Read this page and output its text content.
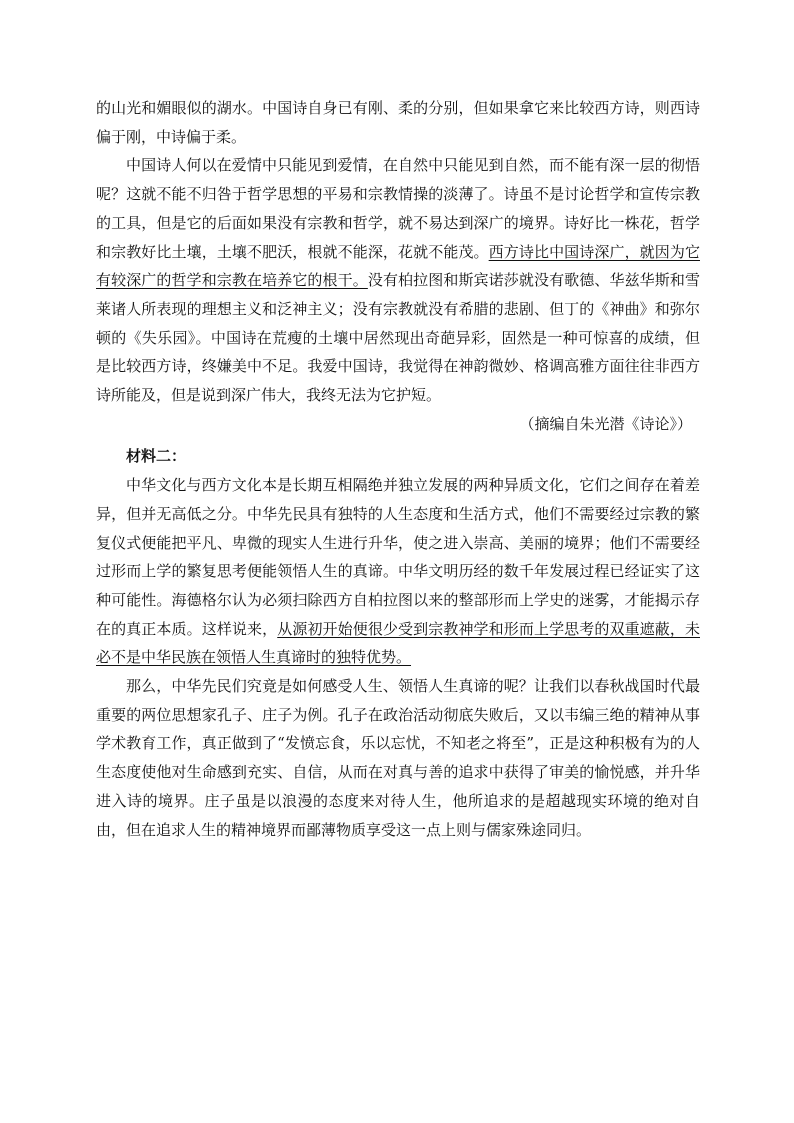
的山光和媚眼似的湖水。中国诗自身已有刚、柔的分别，但如果拿它来比较西方诗，则西诗偏于刚，中诗偏于柔。

中国诗人何以在爱情中只能见到爱情，在自然中只能见到自然，而不能有深一层的彻悟呢？这就不能不归咎于哲学思想的平易和宗教情操的淡薄了。诗虽不是讨论哲学和宣传宗教的工具，但是它的后面如果没有宗教和哲学，就不易达到深广的境界。诗好比一株花，哲学和宗教好比土壤，土壤不肥沃，根就不能深，花就不能茂。西方诗比中国诗深广，就因为它有较深广的哲学和宗教在培养它的根干。没有柏拉图和斯宾诺莎就没有歌德、华兹华斯和雪莱诸人所表现的理想主义和泛神主义；没有宗教就没有希腊的悲剧、但丁的《神曲》和弥尔顿的《失乐园》。中国诗在荒瘦的土壤中居然现出奇葩异彩，固然是一种可惊喜的成绩，但是比较西方诗，终嫌美中不足。我爱中国诗，我觉得在神韵微妙、格调高雅方面往往非西方诗所能及，但是说到深广伟大，我终无法为它护短。

（摘编自朱光潜《诗论》）

材料二：

中华文化与西方文化本是长期互相隔绝并独立发展的两种异质文化，它们之间存在着差异，但并无高低之分。中华先民具有独特的人生态度和生活方式，他们不需要经过宗教的繁复仪式便能把平凡、卑微的现实人生进行升华，使之进入崇高、美丽的境界；他们不需要经过形而上学的繁复思考便能领悟人生的真谛。中华文明历经的数千年发展过程已经证实了这种可能性。海德格尔认为必须扫除西方自柏拉图以来的整部形而上学史的迷雾，才能揭示存在的真正本质。这样说来，从源初开始便很少受到宗教神学和形而上学思考的双重遮蔽，未必不是中华民族在领悟人生真谛时的独特优势。

那么，中华先民们究竟是如何感受人生、领悟人生真谛的呢？让我们以春秋战国时代最重要的两位思想家孔子、庄子为例。孔子在政治活动彻底失败后，又以韦编三绝的精神从事学术教育工作，真正做到了“发愤忘食，乐以忘忧，不知老之将至”，正是这种积极有为的人生态度使他对生命感到充实、自信，从而在对真与善的追求中获得了审美的愉悦感，并升华进入诗的境界。庄子虽是以浪漫的态度来对待人生，他所追求的是超越现实环境的绝对自由，但在追求人生的精神境界而鄙薄物质享受这一点上则与儒家殊途同归。
